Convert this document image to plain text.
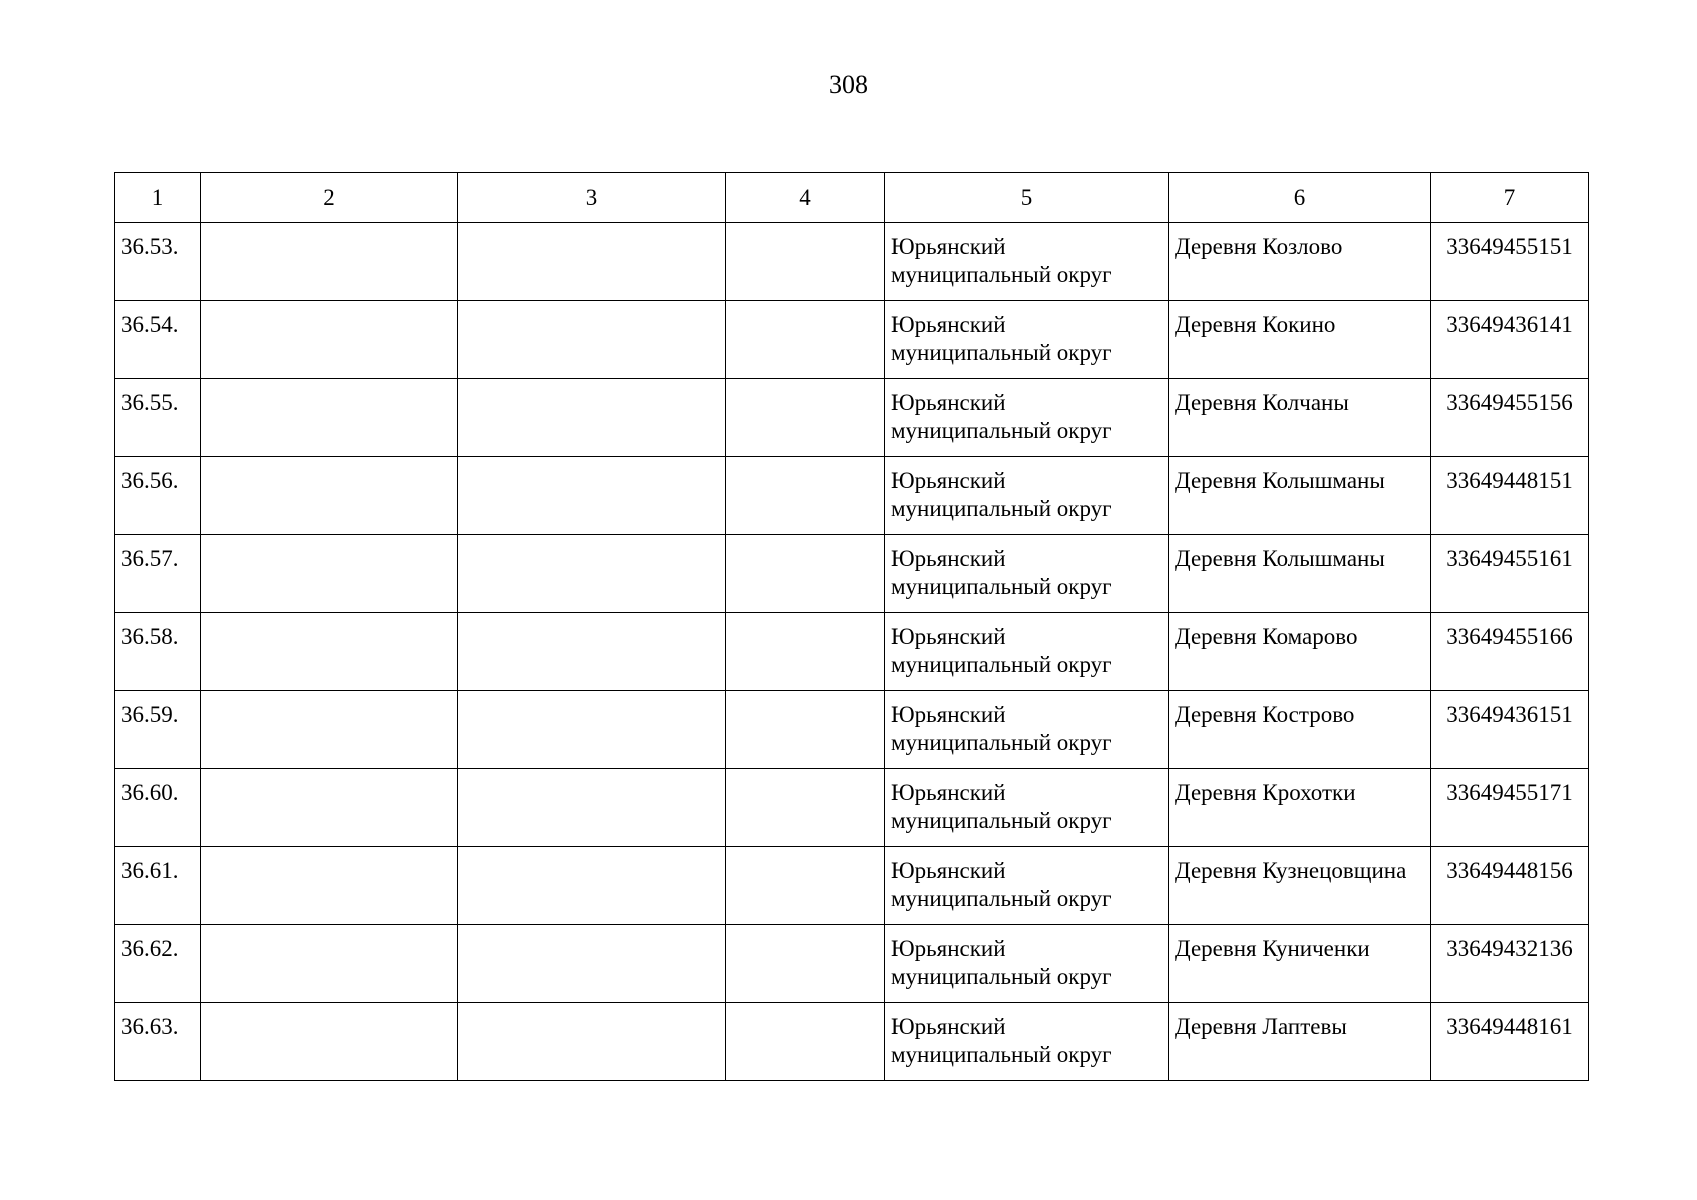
308
1	2	3	4	5	6	7
36.53.				Юрьянский
муниципальный округ	Деревня Козлово	33649455151
36.54.				Юрьянский
муниципальный округ	Деревня Кокино	33649436141
36.55.				Юрьянский
муниципальный округ	Деревня Колчаны	33649455156
36.56.				Юрьянский
муниципальный округ	Деревня Колышманы	33649448151
36.57.				Юрьянский
муниципальный округ	Деревня Колышманы	33649455161
36.58.				Юрьянский
муниципальный округ	Деревня Комарово	33649455166
36.59.				Юрьянский
муниципальный округ	Деревня Кострово	33649436151
36.60.				Юрьянский
муниципальный округ	Деревня Крохотки	33649455171
36.61.				Юрьянский
муниципальный округ	Деревня Кузнецовщина	33649448156
36.62.				Юрьянский
муниципальный округ	Деревня Куниченки	33649432136
36.63.				Юрьянский
муниципальный округ	Деревня Лаптевы	33649448161
